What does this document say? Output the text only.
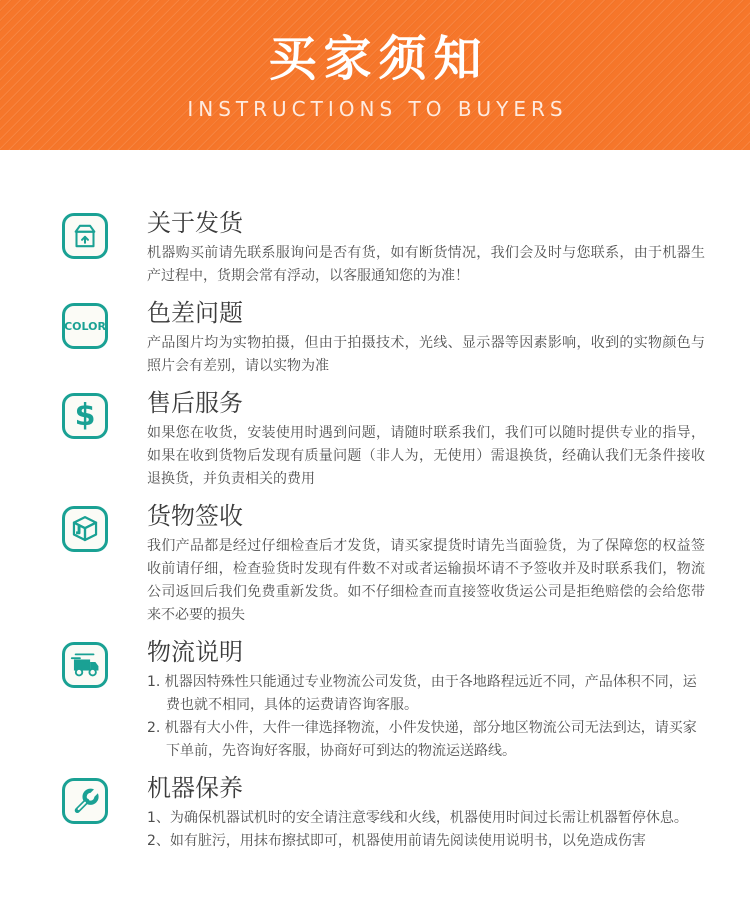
买家须知
INSTRUCTIONS TO BUYERS
关于发货

机器购买前请先联系服询问是否有货，如有断货情况，我们会及时与您联系，由于机器生产过程中，货期会常有浮动，以客服通知您的为准！

COLOR 色差问题

产品图片均为实物拍摄，但由于拍摄技术，光线、显示器等因素影响，收到的实物颜色与照片会有差别，请以实物为准

$ 售后服务

如果您在收货，安装使用时遇到问题，请随时联系我们，我们可以随时提供专业的指导，如果在收到货物后发现有质量问题（非人为，无使用）需退换货，经确认我们无条件接收退换货，并负责相关的费用

货物签收

我们产品都是经过仔细检查后才发货，请买家提货时请先当面验货，为了保障您的权益签收前请仔细，检查验货时发现有件数不对或者运输损坏请不予签收并及时联系我们，物流公司返回后我们免费重新发货。如不仔细检查而直接签收货运公司是拒绝赔偿的会给您带来不必要的损失

物流说明

1. 机器因特殊性只能通过专业物流公司发货，由于各地路程远近不同，产品体积不同，运费也就不相同，具体的运费请咨询客服。

2. 机器有大小件，大件一律选择物流，小件发快递，部分地区物流公司无法到达，请买家下单前，先咨询好客服，协商好可到达的物流运送路线。

机器保养

1、为确保机器试机时的安全请注意零线和火线，机器使用时间过长需让机器暂停休息。

2、如有脏污，用抹布擦拭即可，机器使用前请先阅读使用说明书，以免造成伤害
